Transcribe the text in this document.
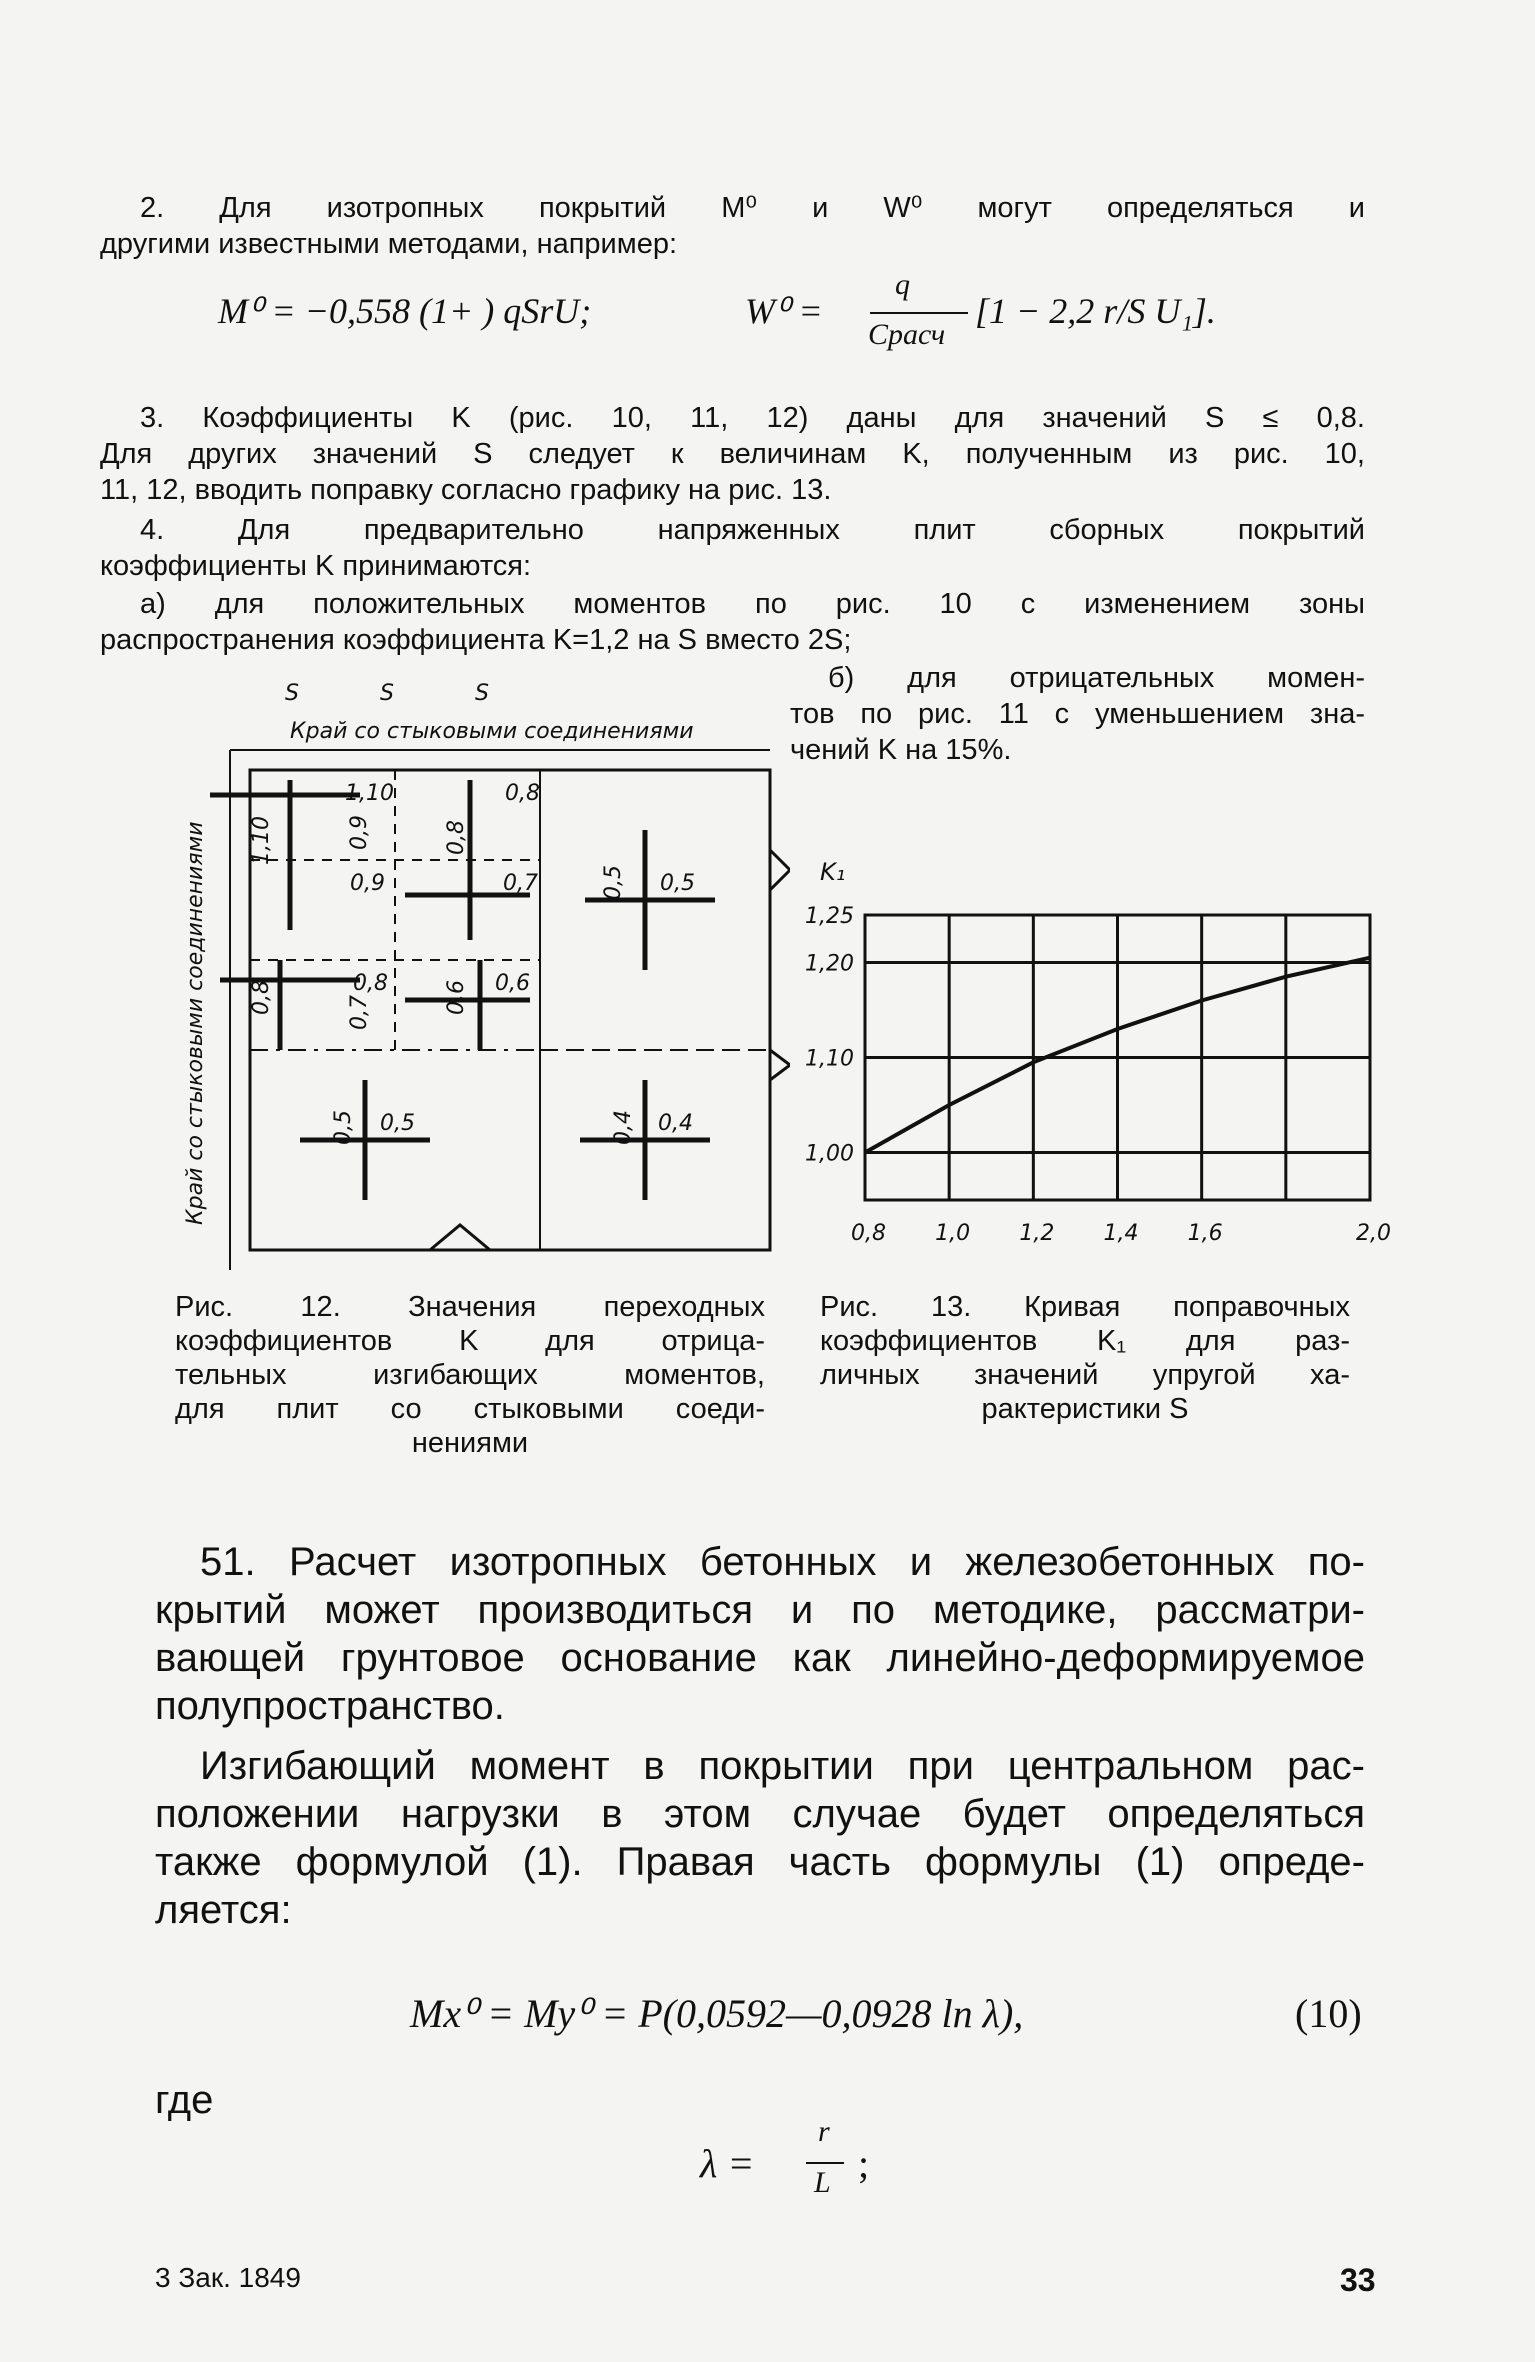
2. Для изотропных покрытий M⁰ и W⁰ могут определяться и
другими известными методами, например:
M⁰ = −0,558 (1+ ) qSrU;	W⁰ =
q
Cрасч
[1 − 2,2 r/S U₁].
3. Коэффициенты K (рис. 10, 11, 12) даны для значений S ≤ 0,8.
Для других значений S следует к величинам K, полученным из рис. 10,
11, 12, вводить поправку согласно графику на рис. 13.
4. Для предварительно напряженных плит сборных покрытий
коэффициенты K принимаются:
а) для положительных моментов по рис. 10 с изменением зоны
распространения коэффициента K=1,2 на S вместо 2S;
б) для отрицательных момен-
тов по рис. 11 с уменьшением зна-
чений K на 15%.
S	S	S
Край со стыковыми соединениями
Край со стыковыми соединениями
1,10
1,10	0,9
0,9
0,8
0,8
0,7	0,5 0,5
0,8	0,8
0,7	0,6 0,6
0,5 0,5	0,4 0,4
0,8 1,0 1,2 1,4 1,6	2,0
1,00
1,10
1,20
1,25
K₁
Рис. 12. Значения переходных
коэффициентов K для отрица-
тельных изгибающих моментов,
для плит со стыковыми соеди-
нениями
Рис. 13. Кривая поправочных
коэффициентов K₁ для раз-
личных значений упругой ха-
рактеристики S
51. Расчет изотропных бетонных и железобетонных по-
крытий может производиться и по методике, рассматри-
вающей грунтовое основание как линейно-деформируемое
полупространство.
Изгибающий момент в покрытии при центральном рас-
положении нагрузки в этом случае будет определяться
также формулой (1). Правая часть формулы (1) опреде-
ляется:
Mx⁰ = My⁰ = P(0,0592—0,0928 ln λ),	(10)
где
λ =
r
L ;
3 Зак. 1849	33
